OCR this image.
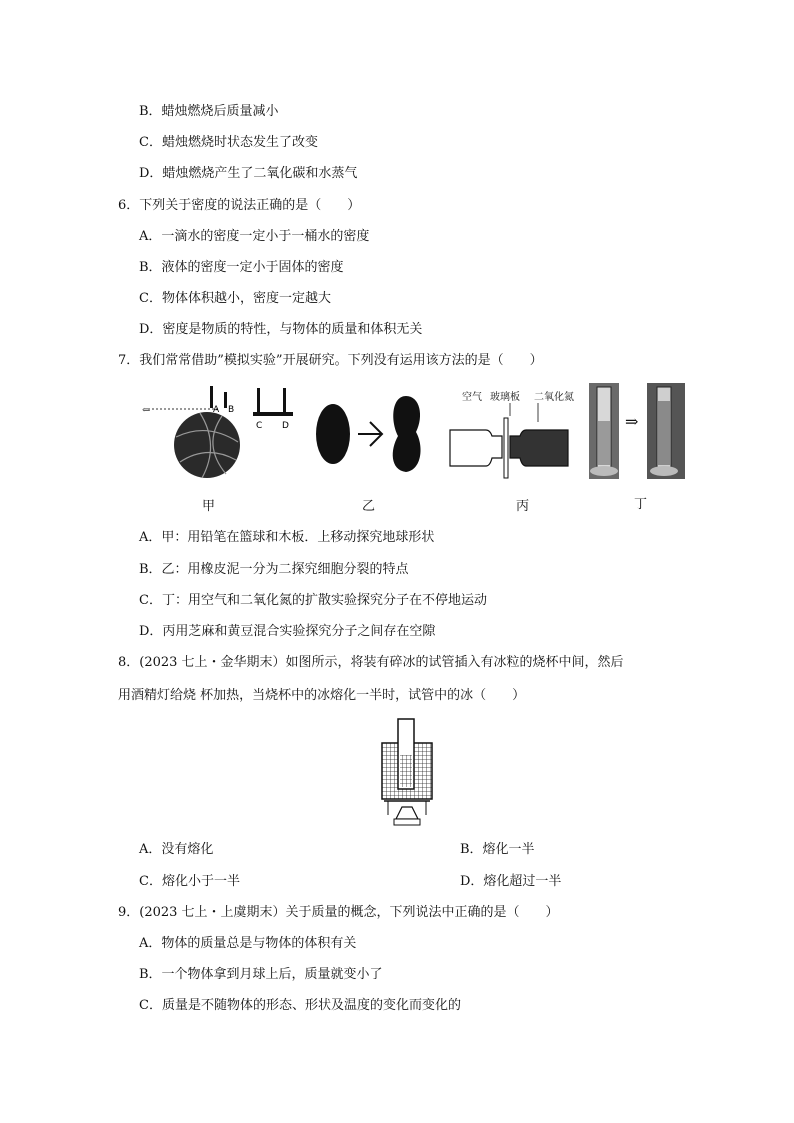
B．蜡烛燃烧后质量减小
C．蜡烛燃烧时状态发生了改变
D．蜡烛燃烧产生了二氧化碳和水蒸气
6．下列关于密度的说法正确的是（　　）
A．一滴水的密度一定小于一桶水的密度
B．液体的密度一定小于固体的密度
C．物体体积越小，密度一定越大
D．密度是物质的特性，与物体的质量和体积无关
7．我们常常借助”模拟实验”开展研究。下列没有运用该方法的是（　　）
⇐	A B
C D
空气 玻璃板 二氧化氮
⇒
甲	乙	丙	丁
A．甲：用铅笔在篮球和木板．上移动探究地球形状
B．乙：用橡皮泥一分为二探究细胞分裂的特点
C．丁：用空气和二氧化氮的扩散实验探究分子在不停地运动
D．丙用芝麻和黄豆混合实验探究分子之间存在空隙
8．(2023 七上・金华期末）如图所示，将装有碎冰的试管插入有冰粒的烧杯中间，然后
用酒精灯给烧 杯加热，当烧杯中的冰熔化一半时，试管中的冰（　　）
A．没有熔化	B．熔化一半
C．熔化小于一半	D．熔化超过一半
9．(2023 七上・上虞期末）关于质量的概念，下列说法中正确的是（　　）
A．物体的质量总是与物体的体积有关
B．一个物体拿到月球上后，质量就变小了
C．质量是不随物体的形态、形状及温度的变化而变化的
